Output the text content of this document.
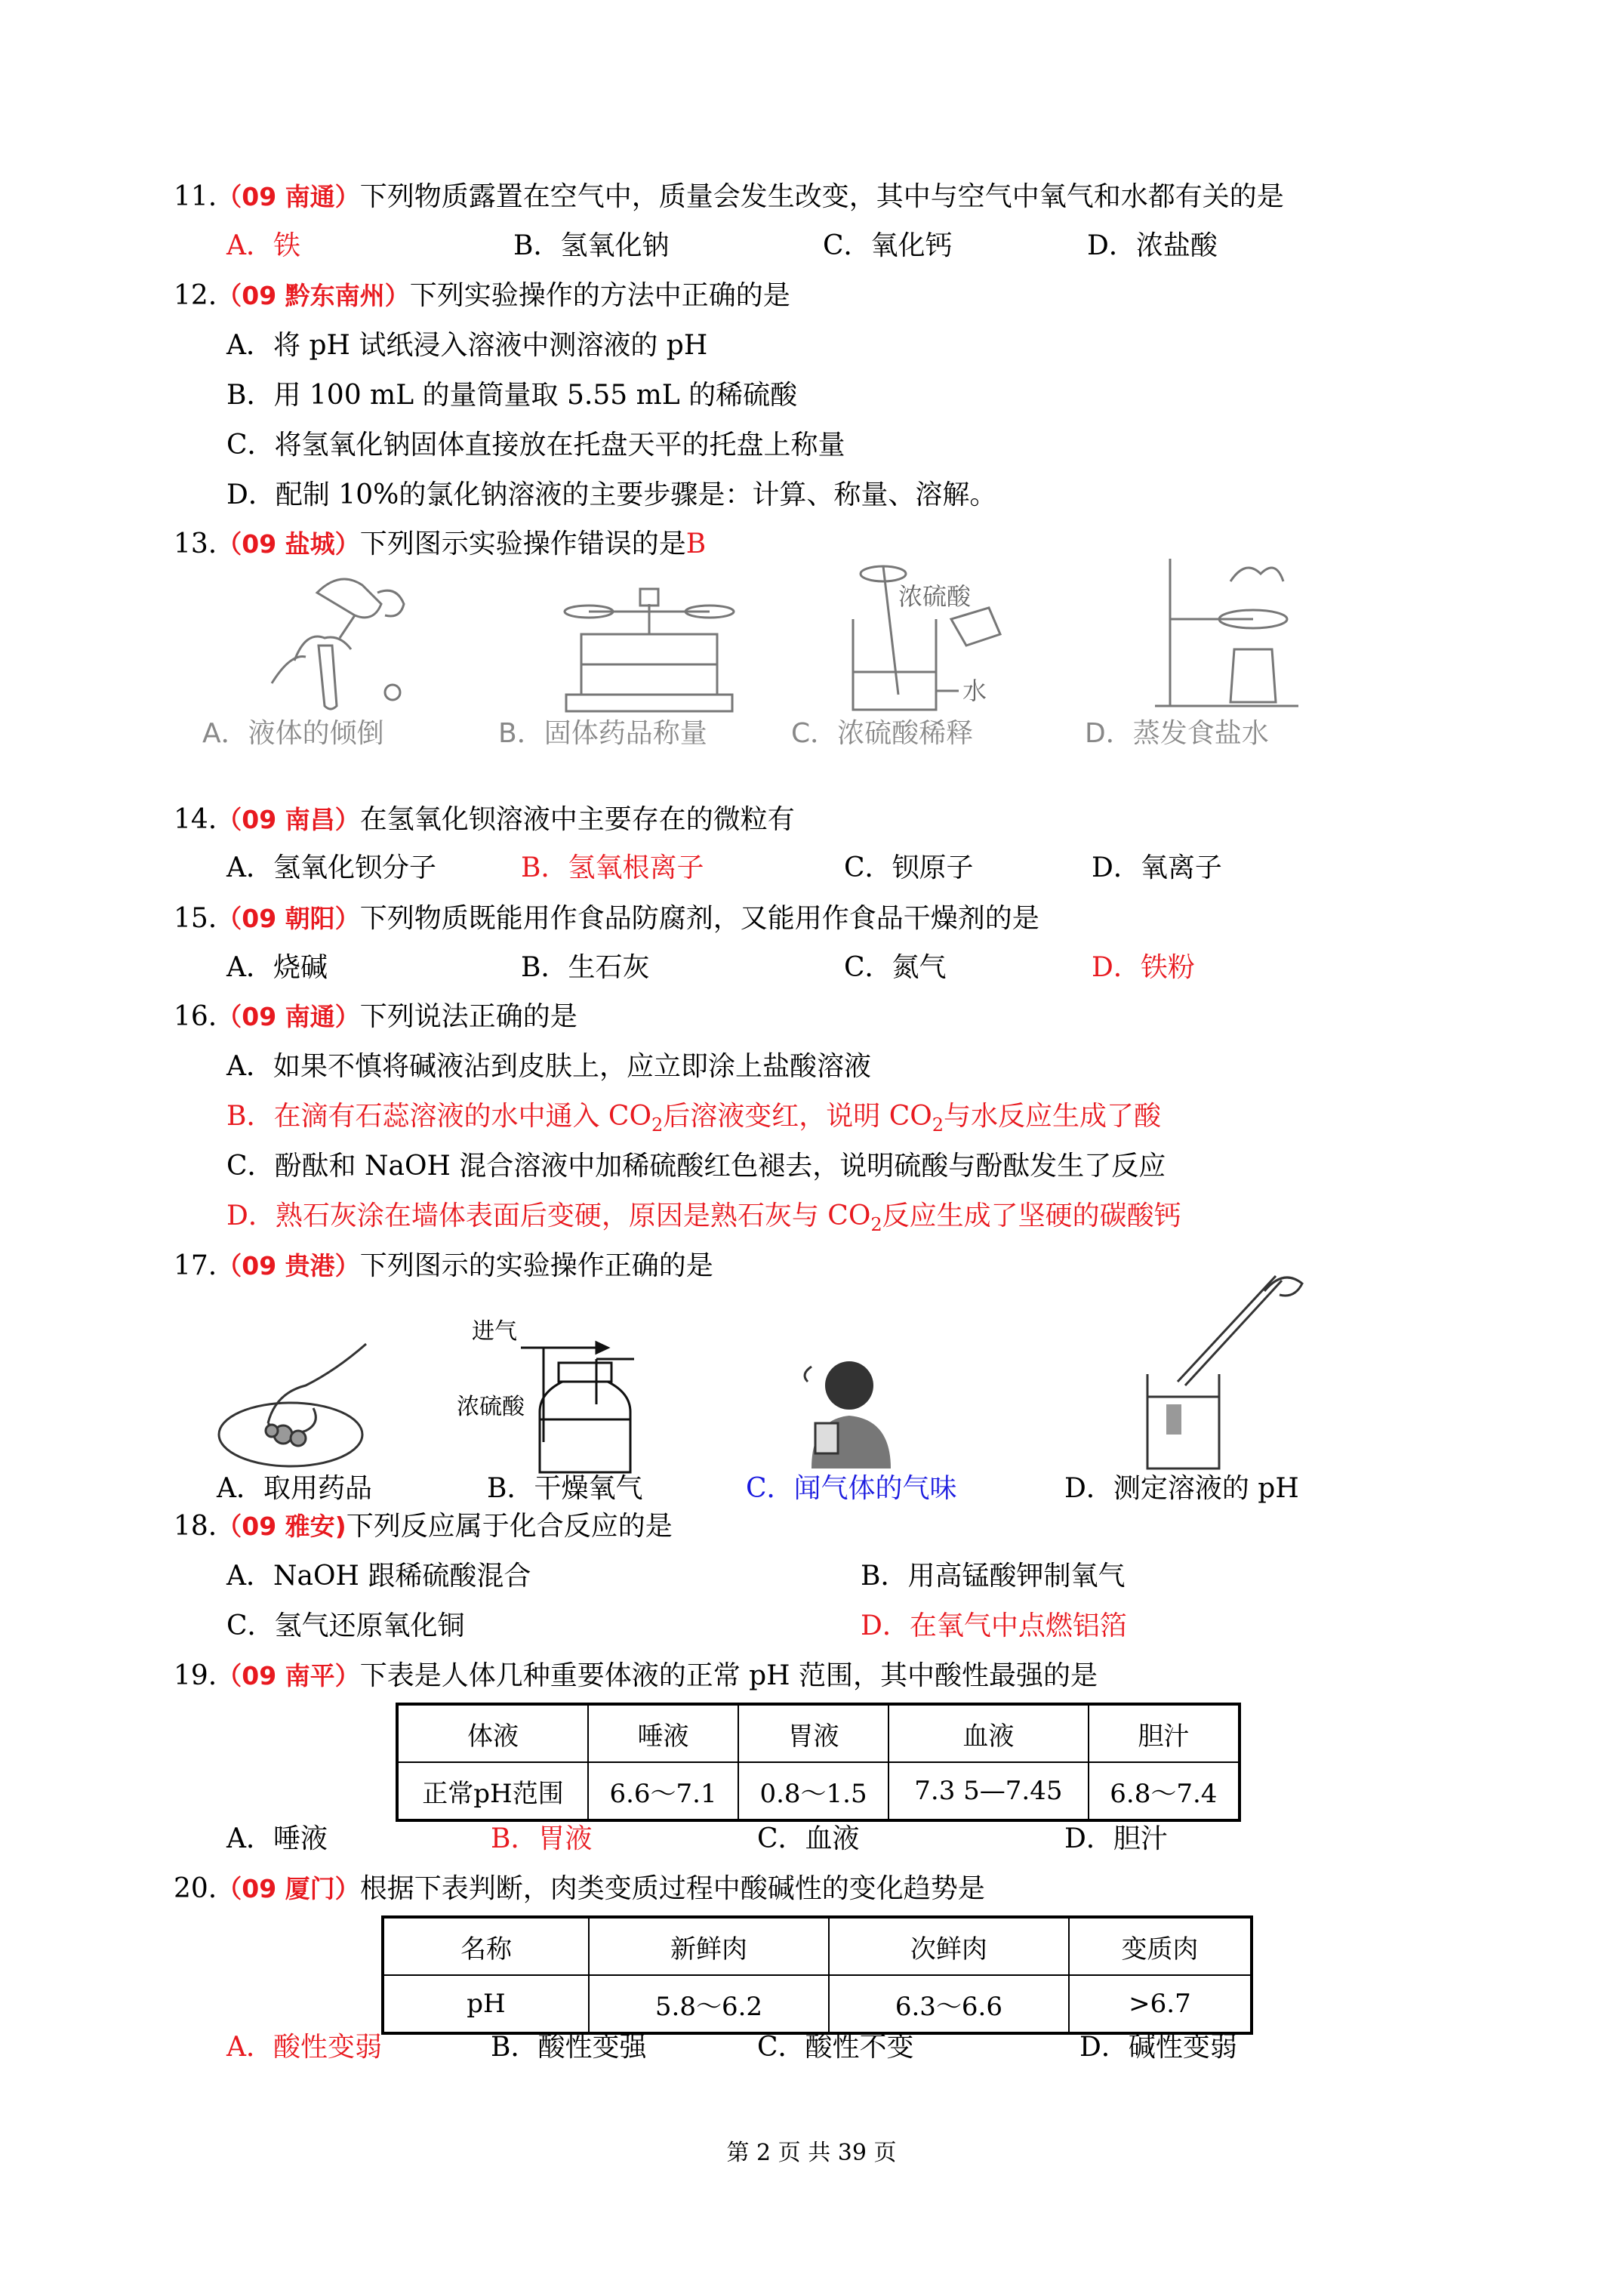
11.（09 南通）下列物质露置在空气中，质量会发生改变，其中与空气中氧气和水都有关的是
A．铁	B．氢氧化钠	C．氧化钙	D．浓盐酸
12.（09 黔东南州）下列实验操作的方法中正确的是
A．将 pH 试纸浸入溶液中测溶液的 pH
B．用 100 mL 的量筒量取 5.55 mL 的稀硫酸
C．将氢氧化钠固体直接放在托盘天平的托盘上称量
D．配制 10%的氯化钠溶液的主要步骤是：计算、称量、溶解。
13.（09 盐城）下列图示实验操作错误的是B
浓硫酸
水
A．液体的倾倒	B．固体药品称量	C．浓硫酸稀释	D．蒸发食盐水
14.（09 南昌）在氢氧化钡溶液中主要存在的微粒有
A．氢氧化钡分子	B．氢氧根离子	C．钡原子	D．氧离子
15.（09 朝阳）下列物质既能用作食品防腐剂，又能用作食品干燥剂的是
A．烧碱	B．生石灰	C．氮气	D．铁粉
16.（09 南通）下列说法正确的是
A．如果不慎将碱液沾到皮肤上，应立即涂上盐酸溶液
B．在滴有石蕊溶液的水中通入 $CO_2$后溶液变红，说明 $CO_2$与水反应生成了酸
C．酚酞和 NaOH 混合溶液中加稀硫酸红色褪去，说明硫酸与酚酞发生了反应
D．熟石灰涂在墙体表面后变硬，原因是熟石灰与 $CO_2$反应生成了坚硬的碳酸钙
17.（09 贵港）下列图示的实验操作正确的是
进气
浓硫酸
A．取用药品	B．干燥氧气	C．闻气体的气味	D．测定溶液的 pH
18.（09 雅安)下列反应属于化合反应的是
A．NaOH 跟稀硫酸混合	B．用高锰酸钾制氧气
C．氢气还原氧化铜	D．在氧气中点燃铝箔
19.（09 南平）下表是人体几种重要体液的正常 pH 范围，其中酸性最强的是
体液	唾液	胃液	血液	胆汁
正常pH范围	6.6～7.1	0.8～1.5	7.3 5—7.45	6.8～7.4
A．唾液	B．胃液	C．血液	D．胆汁
20.（09 厦门）根据下表判断，肉类变质过程中酸碱性的变化趋势是
名称	新鲜肉	次鲜肉	变质肉
pH	5.8～6.2	6.3～6.6	>6.7
A．酸性变弱	B．酸性变强	C．酸性不变	D．碱性变弱
第 2 页 共 39 页
